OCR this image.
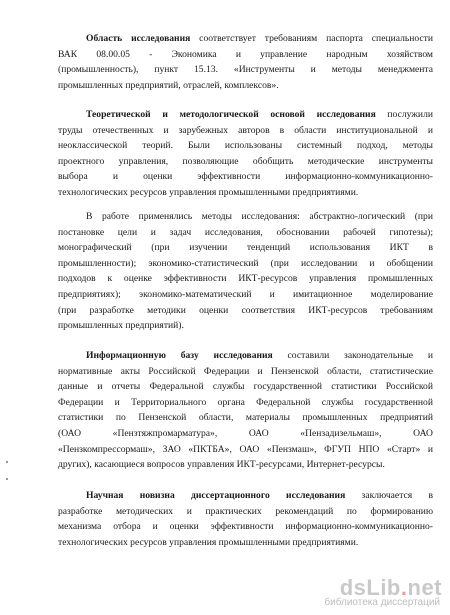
Область исследования соответствует требованиям паспорта специальности
ВАК 08.00.05 - Экономика и управление народным хозяйством
(промышленность), пункт 15.13. «Инструменты и методы менеджмента
промышленных предприятий, отраслей, комплексов».
Теоретической и методологической основой исследования послужили
труды отечественных и зарубежных авторов в области институциональной и
неоклассической теорий. Были использованы системный подход, методы
проектного управления, позволяющие обобщить методические инструменты
выбора и оценки эффективности информационно-коммуникационно-
технологических ресурсов управления промышленными предприятиями.
В работе применялись методы исследования: абстрактно-логический (при
постановке цели и задач исследования, обосновании рабочей гипотезы);
монографический (при изучении тенденций использования ИКТ в
промышленности); экономико-статистический (при исследовании и обобщении
подходов к оценке эффективности ИКТ-ресурсов управления промышленных
предприятиях); экономико-математический и имитационное моделирование
(при разработке методики оценки соответствия ИКТ-ресурсов требованиям
промышленных предприятий).
Информационную базу исследования составили законодательные и
нормативные акты Российской Федерации и Пензенской области, статистические
данные и отчеты Федеральной службы государственной статистики Российской
Федерации и Территориального органа Федеральной службы государственной
статистики по Пензенской области, материалы промышленных предприятий
(ОАО «Пензтяжпромарматура», ОАО «Пензадизельмаш», ОАО
«Пензкомпрессормаш», ЗАО «ПКТБА», ОАО «Пензмаш», ФГУП НПО «Старт» и
других), касающиеся вопросов управления ИКТ-ресурсами, Интернет-ресурсы.
Научная новизна диссертационного исследования заключается в
разработке методических и практических рекомендаций по формированию
механизма отбора и оценки эффективности информационно-коммуникационно-
технологических ресурсов управления промышленными предприятиями.
dsLib.net
библиотека диссертаций
